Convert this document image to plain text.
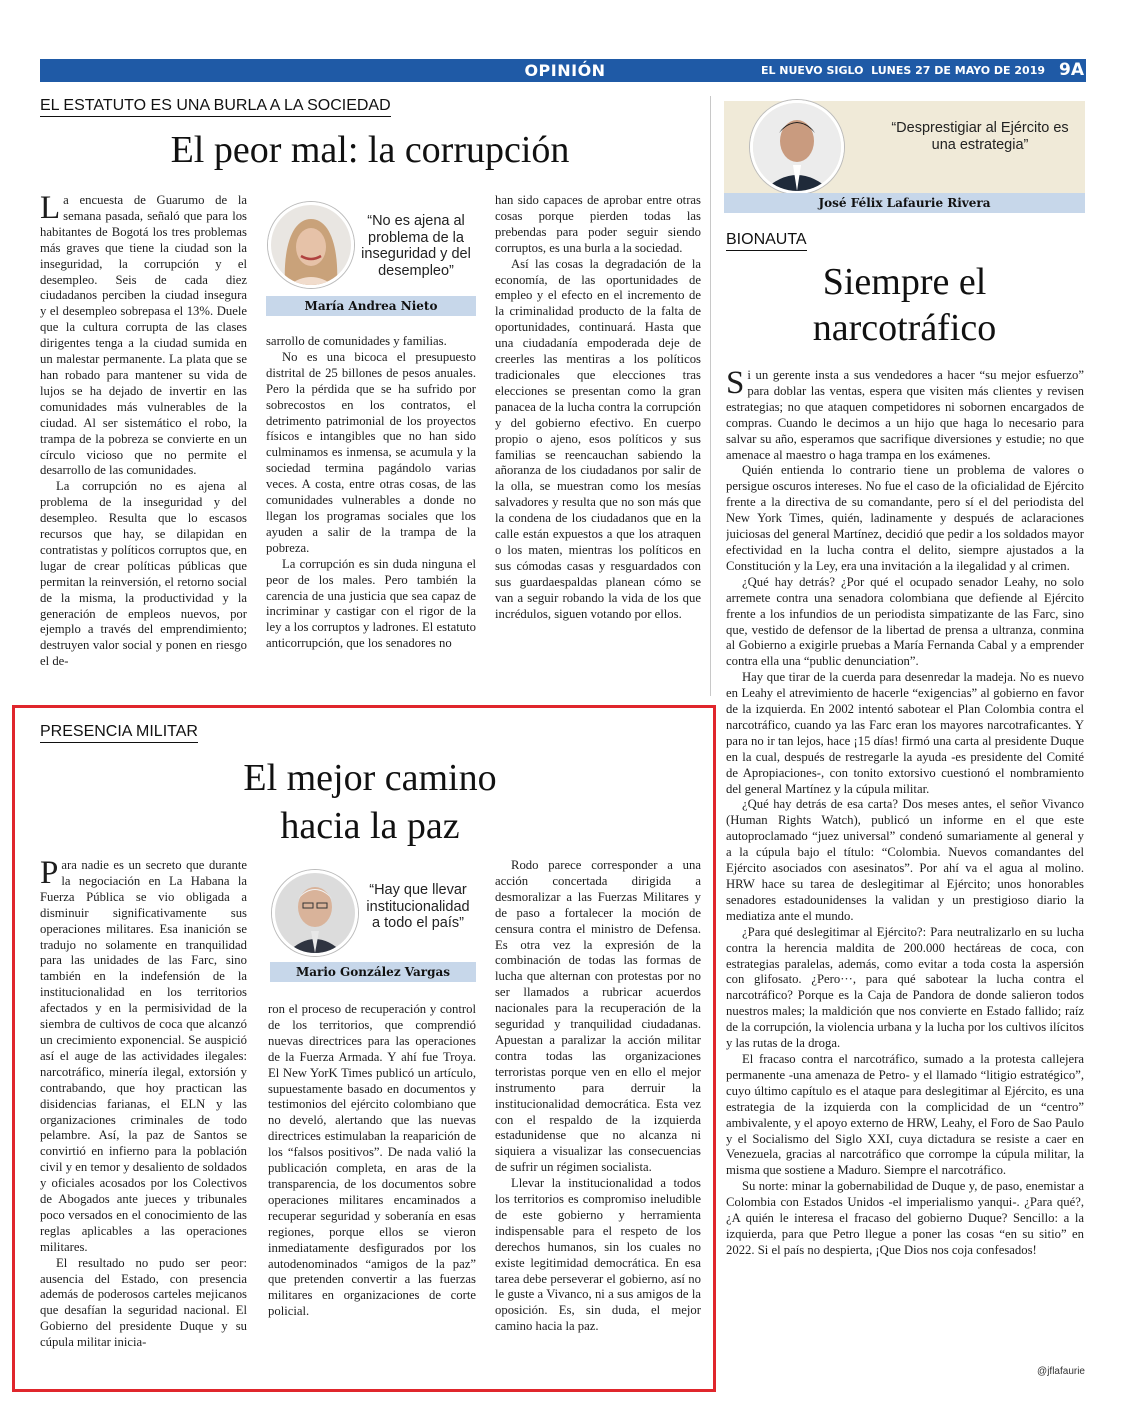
OPINIÓN	EL NUEVO SIGLO  LUNES 27 DE MAYO DE 2019 9A
EL ESTATUTO ES UNA BURLA A LA SOCIEDAD
El peor mal: la corrupción

La encuesta de Guarumo de la semana pasada, señaló que para los habitantes de Bogotá los tres problemas más graves que tiene la ciudad son la inseguridad, la corrupción y el desempleo. Seis de cada diez ciudadanos perciben la ciudad insegura y el desempleo sobrepasa el 13%. Duele que la cultura corrupta de las clases dirigentes tenga a la ciudad sumida en un malestar permanente. La plata que se han robado para mantener su vida de lujos se ha dejado de invertir en las comunidades más vulnerables de la ciudad. Al ser sistemático el robo, la trampa de la pobreza se convierte en un círculo vicioso que no permite el desarrollo de las comunidades.

La corrupción no es ajena al problema de la inseguridad y del desempleo. Resulta que lo escasos recursos que hay, se dilapidan en contratistas y políticos corruptos que, en lugar de crear políticas públicas que permitan la reinversión, el retorno social de la misma, la productividad y la generación de empleos nuevos, por ejemplo a través del emprendimiento; destruyen valor social y ponen en riesgo el de-

“No es ajena al problema de la inseguridad y del desempleo”
María Andrea Nieto

sarrollo de comunidades y familias.

No es una bicoca el presupuesto distrital de 25 billones de pesos anuales. Pero la pérdida que se ha sufrido por sobrecostos en los contratos, el detrimento patrimonial de los proyectos físicos e intangibles que no han sido culminamos es inmensa, se acumula y la sociedad termina pagándolo varias veces. A costa, entre otras cosas, de las comunidades vulnerables a donde no llegan los programas sociales que los ayuden a salir de la trampa de la pobreza.

La corrupción es sin duda ninguna el peor de los males. Pero también la carencia de una justicia que sea capaz de incriminar y castigar con el rigor de la ley a los corruptos y ladrones. El estatuto anticorrupción, que los senadores no

han sido capaces de aprobar entre otras cosas porque pierden todas las prebendas para poder seguir siendo corruptos, es una burla a la sociedad.

Así las cosas la degradación de la economía, de las oportunidades de empleo y el efecto en el incremento de la criminalidad producto de la falta de oportunidades, continuará. Hasta que una ciudadanía empoderada deje de creerles las mentiras a los políticos tradicionales que elecciones tras elecciones se presentan como la gran panacea de la lucha contra la corrupción y del gobierno efectivo. En cuerpo propio o ajeno, esos políticos y sus familias se reencauchan sabiendo la añoranza de los ciudadanos por salir de la olla, se muestran como los mesías salvadores y resulta que no son más que la condena de los ciudadanos que en la calle están expuestos a que los atraquen o los maten, mientras los políticos en sus cómodas casas y resguardados con sus guardaespaldas planean cómo se van a seguir robando la vida de los que incrédulos, siguen votando por ellos.

PRESENCIA MILITAR
El mejor camino
hacia la paz

Para nadie es un secreto que durante la negociación en La Habana la Fuerza Pública se vio obligada a disminuir significativamente sus operaciones militares. Esa inanición se tradujo no solamente en tranquilidad para las unidades de las Farc, sino también en la indefensión de la institucionalidad en los territorios afectados y en la permisividad de la siembra de cultivos de coca que alcanzó un crecimiento exponencial. Se auspició así el auge de las actividades ilegales: narcotráfico, minería ilegal, extorsión y contrabando, que hoy practican las disidencias farianas, el ELN y las organizaciones criminales de todo pelambre. Así, la paz de Santos se convirtió en infierno para la población civil y en temor y desaliento de soldados y oficiales acosados por los Colectivos de Abogados ante jueces y tribunales poco versados en el conocimiento de las reglas aplicables a las operaciones militares.

El resultado no pudo ser peor: ausencia del Estado, con presencia además de poderosos carteles mejicanos que desafían la seguridad nacional. El Gobierno del presidente Duque y su cúpula militar inicia-

“Hay que llevar institucionalidad a todo el país”
Mario González Vargas

ron el proceso de recuperación y control de los territorios, que comprendió nuevas directrices para las operaciones de la Fuerza Armada. Y ahí fue Troya. El New YorK Times publicó un artículo, supuestamente basado en documentos y testimonios del ejército colombiano que no develó, alertando que las nuevas directrices estimulaban la reaparición de los “falsos positivos”. De nada valió la publicación completa, en aras de la transparencia, de los documentos sobre operaciones militares encaminados a recuperar seguridad y soberanía en esas regiones, porque ellos se vieron inmediatamente desfigurados por los autodenominados “amigos de la paz” que pretenden convertir a las fuerzas militares en organizaciones de corte policial.

Rodo parece corresponder a una acción concertada dirigida a desmoralizar a las Fuerzas Militares y de paso a fortalecer la moción de censura contra el ministro de Defensa. Es otra vez la expresión de la combinación de todas las formas de lucha que alternan con protestas por no ser llamados a rubricar acuerdos nacionales para la recuperación de la seguridad y tranquilidad ciudadanas. Apuestan a paralizar la acción militar contra todas las organizaciones terroristas porque ven en ello el mejor instrumento para derruir la institucionalidad democrática. Esta vez con el respaldo de la izquierda estadunidense que no alcanza ni siquiera a visualizar las consecuencias de sufrir un régimen socialista.

Llevar la institucionalidad a todos los territorios es compromiso ineludible de este gobierno y herramienta indispensable para el respeto de los derechos humanos, sin los cuales no existe legitimidad democrática. En esa tarea debe perseverar el gobierno, así no le guste a Vivanco, ni a sus amigos de la oposición. Es, sin duda, el mejor camino hacia la paz.

“Desprestigiar al Ejército es una estrategia”
José Félix Lafaurie Rivera
BIONAUTA
Siempre el
narcotráfico

Si un gerente insta a sus vendedores a hacer “su mejor esfuerzo” para doblar las ventas, espera que visiten más clientes y revisen estrategias; no que ataquen competidores ni sobornen encargados de compras. Cuando le decimos a un hijo que haga lo necesario para salvar su año, esperamos que sacrifique diversiones y estudie; no que amenace al maestro o haga trampa en los exámenes.

Quién entienda lo contrario tiene un problema de valores o persigue oscuros intereses. No fue el caso de la oficialidad de Ejército frente a la directiva de su comandante, pero sí el del periodista del New York Times, quién, ladinamente y después de aclaraciones juiciosas del general Martínez, decidió que pedir a los soldados mayor efectividad en la lucha contra el delito, siempre ajustados a la Constitución y la Ley, era una invitación a la ilegalidad y al crimen.

¿Qué hay detrás? ¿Por qué el ocupado senador Leahy, no solo arremete contra una senadora colombiana que defiende al Ejército frente a los infundios de un periodista simpatizante de las Farc, sino que, vestido de defensor de la libertad de prensa a ultranza, conmina al Gobierno a exigirle pruebas a María Fernanda Cabal y a emprender contra ella una “public denunciation”.

Hay que tirar de la cuerda para desenredar la madeja. No es nuevo en Leahy el atrevimiento de hacerle “exigencias” al gobierno en favor de la izquierda. En 2002 intentó sabotear el Plan Colombia contra el narcotráfico, cuando ya las Farc eran los mayores narcotraficantes. Y para no ir tan lejos, hace ¡15 días! firmó una carta al presidente Duque en la cual, después de restregarle la ayuda -es presidente del Comité de Apropiaciones-, con tonito extorsivo cuestionó el nombramiento del general Martínez y la cúpula militar.

¿Qué hay detrás de esa carta? Dos meses antes, el señor Vivanco (Human Rights Watch), publicó un informe en el que este autoproclamado “juez universal” condenó sumariamente al general y a la cúpula bajo el título: “Colombia. Nuevos comandantes del Ejército asociados con asesinatos”. Por ahí va el agua al molino. HRW hace su tarea de deslegitimar al Ejército; unos honorables senadores estadounidenses la validan y un prestigioso diario la mediatiza ante el mundo.

¿Para qué deslegitimar al Ejército?: Para neutralizarlo en su lucha contra la herencia maldita de 200.000 hectáreas de coca, con estrategias paralelas, además, como evitar a toda costa la aspersión con glifosato. ¿Pero···, para qué sabotear la lucha contra el narcotráfico? Porque es la Caja de Pandora de donde salieron todos nuestros males; la maldición que nos convierte en Estado fallido; raíz de la corrupción, la violencia urbana y la lucha por los cultivos ilícitos y las rutas de la droga.

El fracaso contra el narcotráfico, sumado a la protesta callejera permanente -una amenaza de Petro- y el llamado “litigio estratégico”, cuyo último capítulo es el ataque para deslegitimar al Ejército, es una estrategia de la izquierda con la complicidad de un “centro” ambivalente, y el apoyo externo de HRW, Leahy, el Foro de Sao Paulo y el Socialismo del Siglo XXI, cuya dictadura se resiste a caer en Venezuela, gracias al narcotráfico que corrompe la cúpula militar, la misma que sostiene a Maduro. Siempre el narcotráfico.

Su norte: minar la gobernabilidad de Duque y, de paso, enemistar a Colombia con Estados Unidos -el imperialismo yanqui-. ¿Para qué?, ¿A quién le interesa el fracaso del gobierno Duque? Sencillo: a la izquierda, para que Petro llegue a poner las cosas “en su sitio” en 2022. Si el país no despierta, ¡Que Dios nos coja confesados!

@jflafaurie
